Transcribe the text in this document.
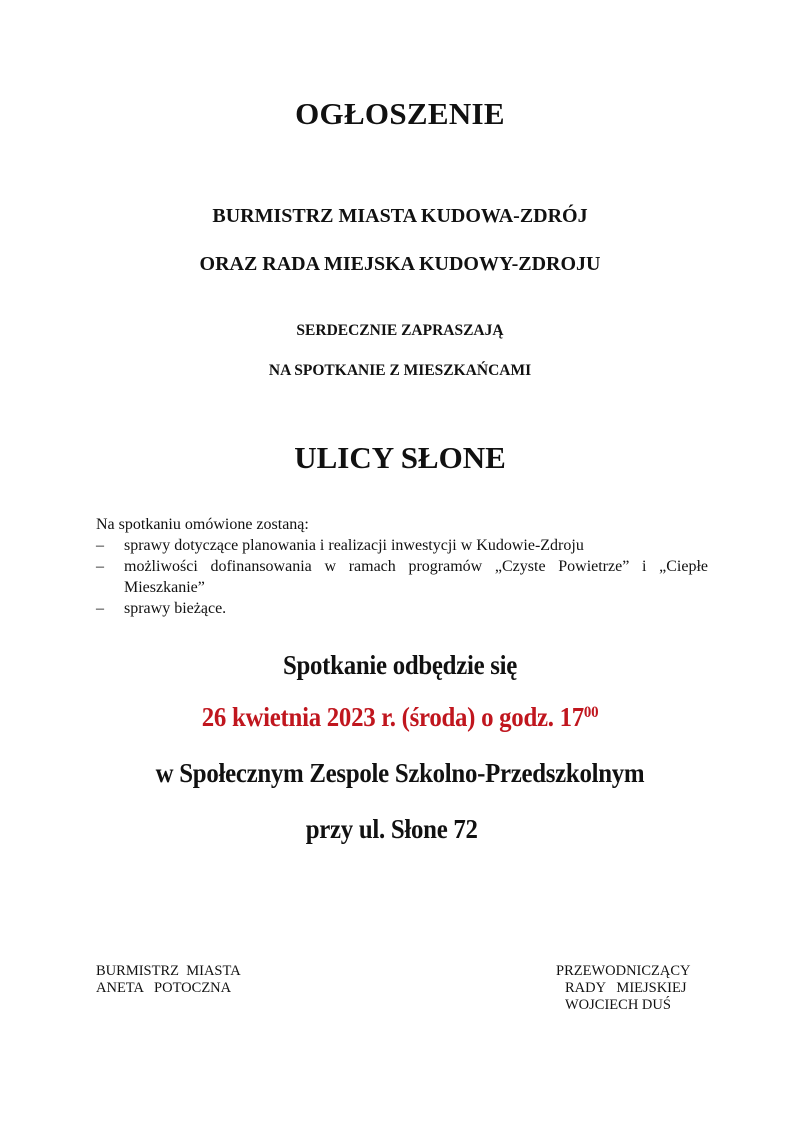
OGŁOSZENIE
BURMISTRZ MIASTA KUDOWA-ZDRÓJ
ORAZ RADA MIEJSKA KUDOWY-ZDROJU
SERDECZNIE ZAPRASZAJĄ
NA SPOTKANIE Z MIESZKAŃCAMI
ULICY SŁONE
Na spotkaniu omówione zostaną:
– sprawy dotyczące planowania i realizacji inwestycji w Kudowie-Zdroju
– możliwości dofinansowania w ramach programów „Czyste Powietrze” i „Ciepłe Mieszkanie”
– sprawy bieżące.
Spotkanie odbędzie się
26 kwietnia 2023 r. (środa) o godz. $17^{00}$
w Społecznym Zespole Szkolno-Przedszkolnym
przy ul. Słone 72
BURMISTRZ  MIASTA
ANETA   POTOCZNA
PRZEWODNICZĄCY
RADY   MIEJSKIEJ
WOJCIECH DUŚ
